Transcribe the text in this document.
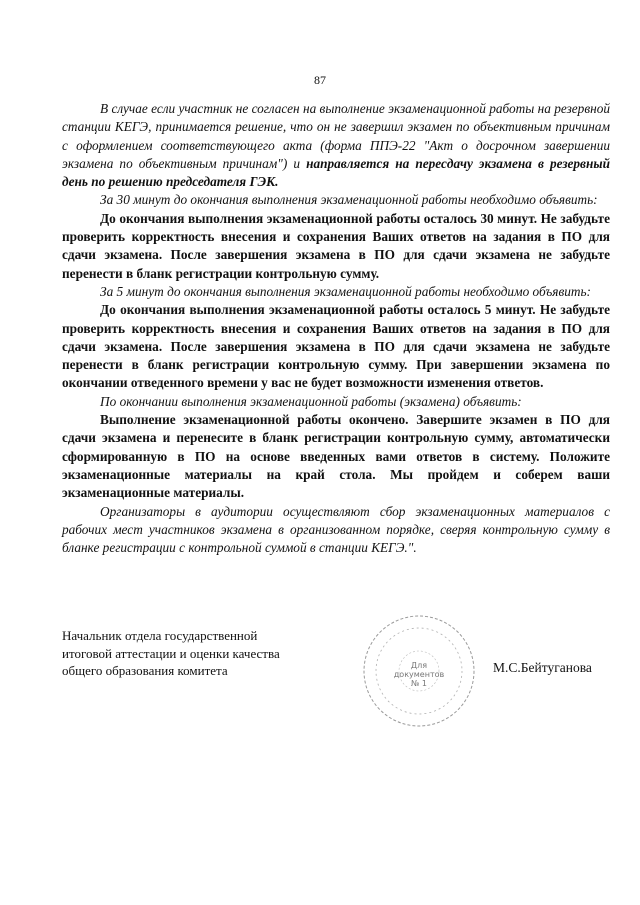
87

В случае если участник не согласен на выполнение экзаменационной работы на резервной станции КЕГЭ, принимается решение, что он не завершил экзамен по объективным причинам с оформлением соответствующего акта (форма ППЭ-22 "Акт о досрочном завершении экзамена по объективным причинам") и направляется на пересдачу экзамена в резервный день по решению председателя ГЭК.

За 30 минут до окончания выполнения экзаменационной работы необходимо объявить:

До окончания выполнения экзаменационной работы осталось 30 минут. Не забудьте проверить корректность внесения и сохранения Ваших ответов на задания в ПО для сдачи экзамена. После завершения экзамена в ПО для сдачи экзамена не забудьте перенести в бланк регистрации контрольную сумму.

За 5 минут до окончания выполнения экзаменационной работы необходимо объявить:

До окончания выполнения экзаменационной работы осталось 5 минут. Не забудьте проверить корректность внесения и сохранения Ваших ответов на задания в ПО для сдачи экзамена. После завершения экзамена в ПО для сдачи экзамена не забудьте перенести в бланк регистрации контрольную сумму. При завершении экзамена по окончании отведенного времени у вас не будет возможности изменения ответов.

По окончании выполнения экзаменационной работы (экзамена) объявить:

Выполнение экзаменационной работы окончено. Завершите экзамен в ПО для сдачи экзамена и перенесите в бланк регистрации контрольную сумму, автоматически сформированную в ПО на основе введенных вами ответов в систему. Положите экзаменационные материалы на край стола. Мы пройдем и соберем ваши экзаменационные материалы.

Организаторы в аудитории осуществляют сбор экзаменационных материалов с рабочих мест участников экзамена в организованном порядке, сверяя контрольную сумму в бланке регистрации с контрольной суммой в станции КЕГЭ.".

Начальник отдела государственной
итоговой аттестации и оценки качества
общего образования комитета	Для
документов
№ 1
М.С.Бейтуганова
